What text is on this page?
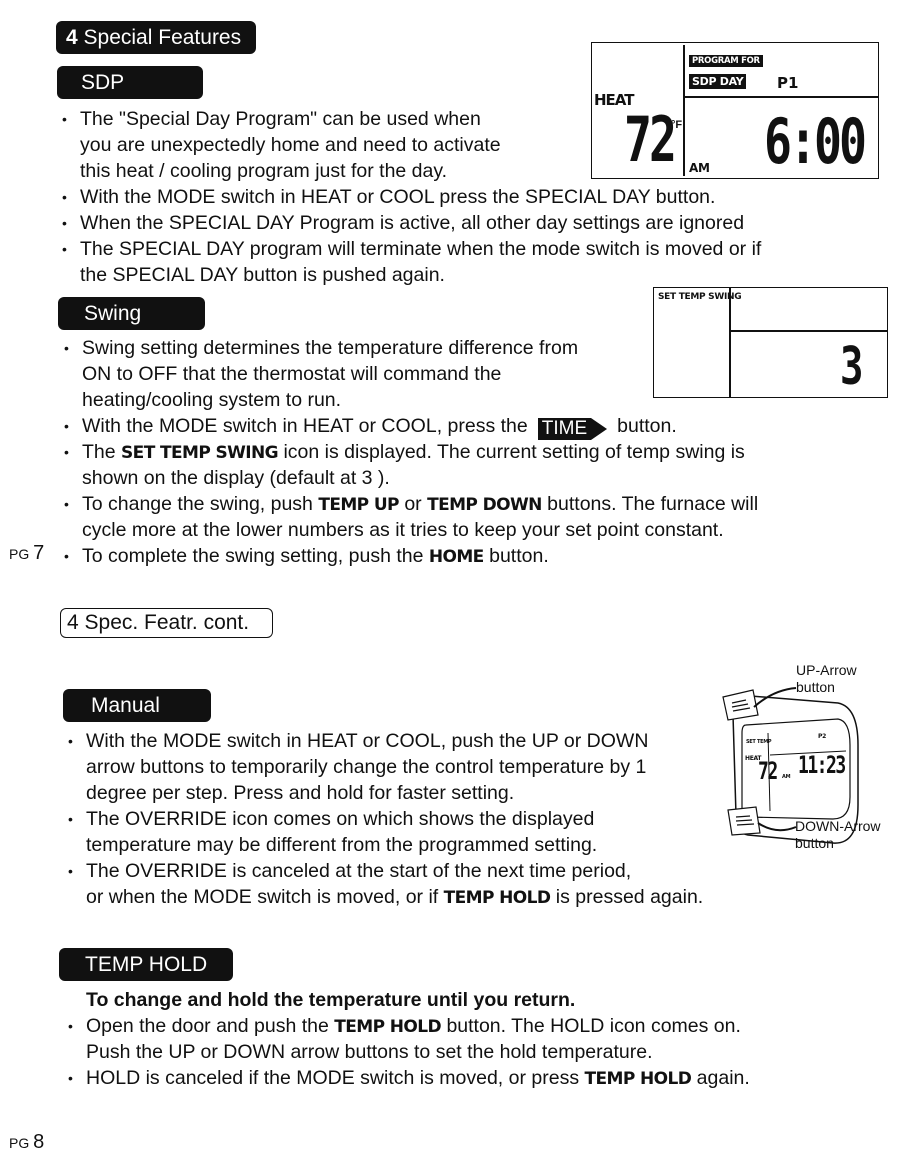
4 Special Features
SDP
• The "Special Day Program" can be used when
you are unexpectedly home and need to activate
this heat / cooling program just for the day.
• With the MODE switch in HEAT or COOL press the SPECIAL DAY button.
• When the SPECIAL DAY Program is active, all other day settings are ignored
• The SPECIAL DAY program will terminate when the mode switch is moved or if
the SPECIAL DAY button is pushed again.
PROGRAM FOR
SDP DAY P1
HEAT
72
°F
AM 6:00
Swing
• Swing setting determines the temperature difference from
ON to OFF that the thermostat will command the
heating/cooling system to run.
• With the MODE switch in HEAT or COOL, press the TIME button.
• The SET TEMP SWING icon is displayed. The current setting of temp swing is
shown on the display (default at 3 ).
• To change the swing, push TEMP UP or TEMP DOWN buttons. The furnace will
cycle more at the lower numbers as it tries to keep your set point constant.
• To complete the swing setting, push the HOME button.
SET TEMP SWING
3
PG 7
4 Spec. Featr. cont.
Manual
• With the MODE switch in HEAT or COOL, push the UP or DOWN
arrow buttons to temporarily change the control temperature by 1
degree per step. Press and hold for faster setting.
• The OVERRIDE icon comes on which shows the displayed
temperature may be different from the programmed setting.
• The OVERRIDE is canceled at the start of the next time period,
or when the MODE switch is moved, or if TEMP HOLD is pressed again.
SET TEMP
P2
HEAT
72 AM 11:23
UP-Arrow
button
DOWN-Arrow
button
TEMP HOLD
To change and hold the temperature until you return.
• Open the door and push the TEMP HOLD button. The HOLD icon comes on.
Push the UP or DOWN arrow buttons to set the hold temperature.
• HOLD is canceled if the MODE switch is moved, or press TEMP HOLD again.
PG 8
